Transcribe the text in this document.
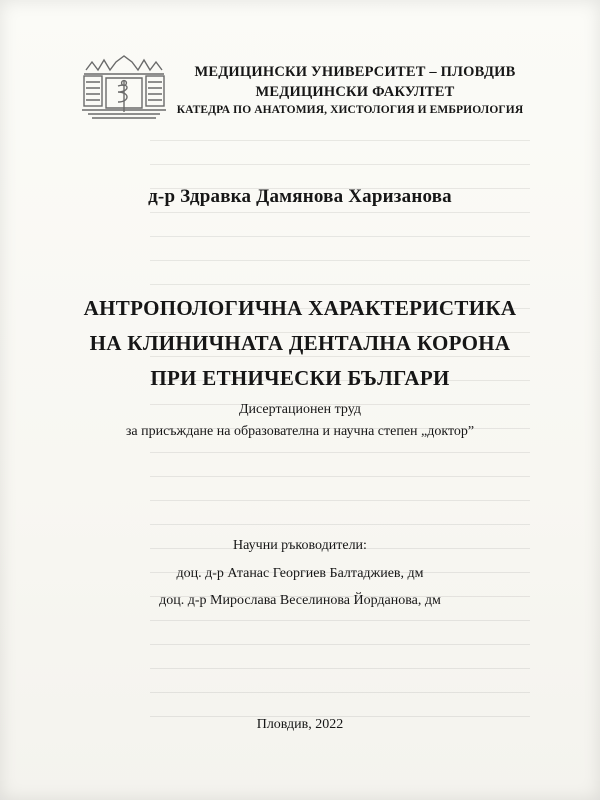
МЕДИЦИНСКИ УНИВЕРСИТЕТ – ПЛОВДИВ
МЕДИЦИНСКИ ФАКУЛТЕТ
КАТЕДРА ПО АНАТОМИЯ, ХИСТОЛОГИЯ И ЕМБРИОЛОГИЯ
д-р Здравка Дамянова Харизанова
АНТРОПОЛОГИЧНА ХАРАКТЕРИСТИКА
НА КЛИНИЧНАТА ДЕНТАЛНА КОРОНА
ПРИ ЕТНИЧЕСКИ БЪЛГАРИ
Дисертационен труд
за присъждане на образователна и научна степен „доктор”
Научни ръководители:
доц. д-р Атанас Георгиев Балтаджиев, дм
доц. д-р Мирослава Веселинова Йорданова, дм
Пловдив, 2022
